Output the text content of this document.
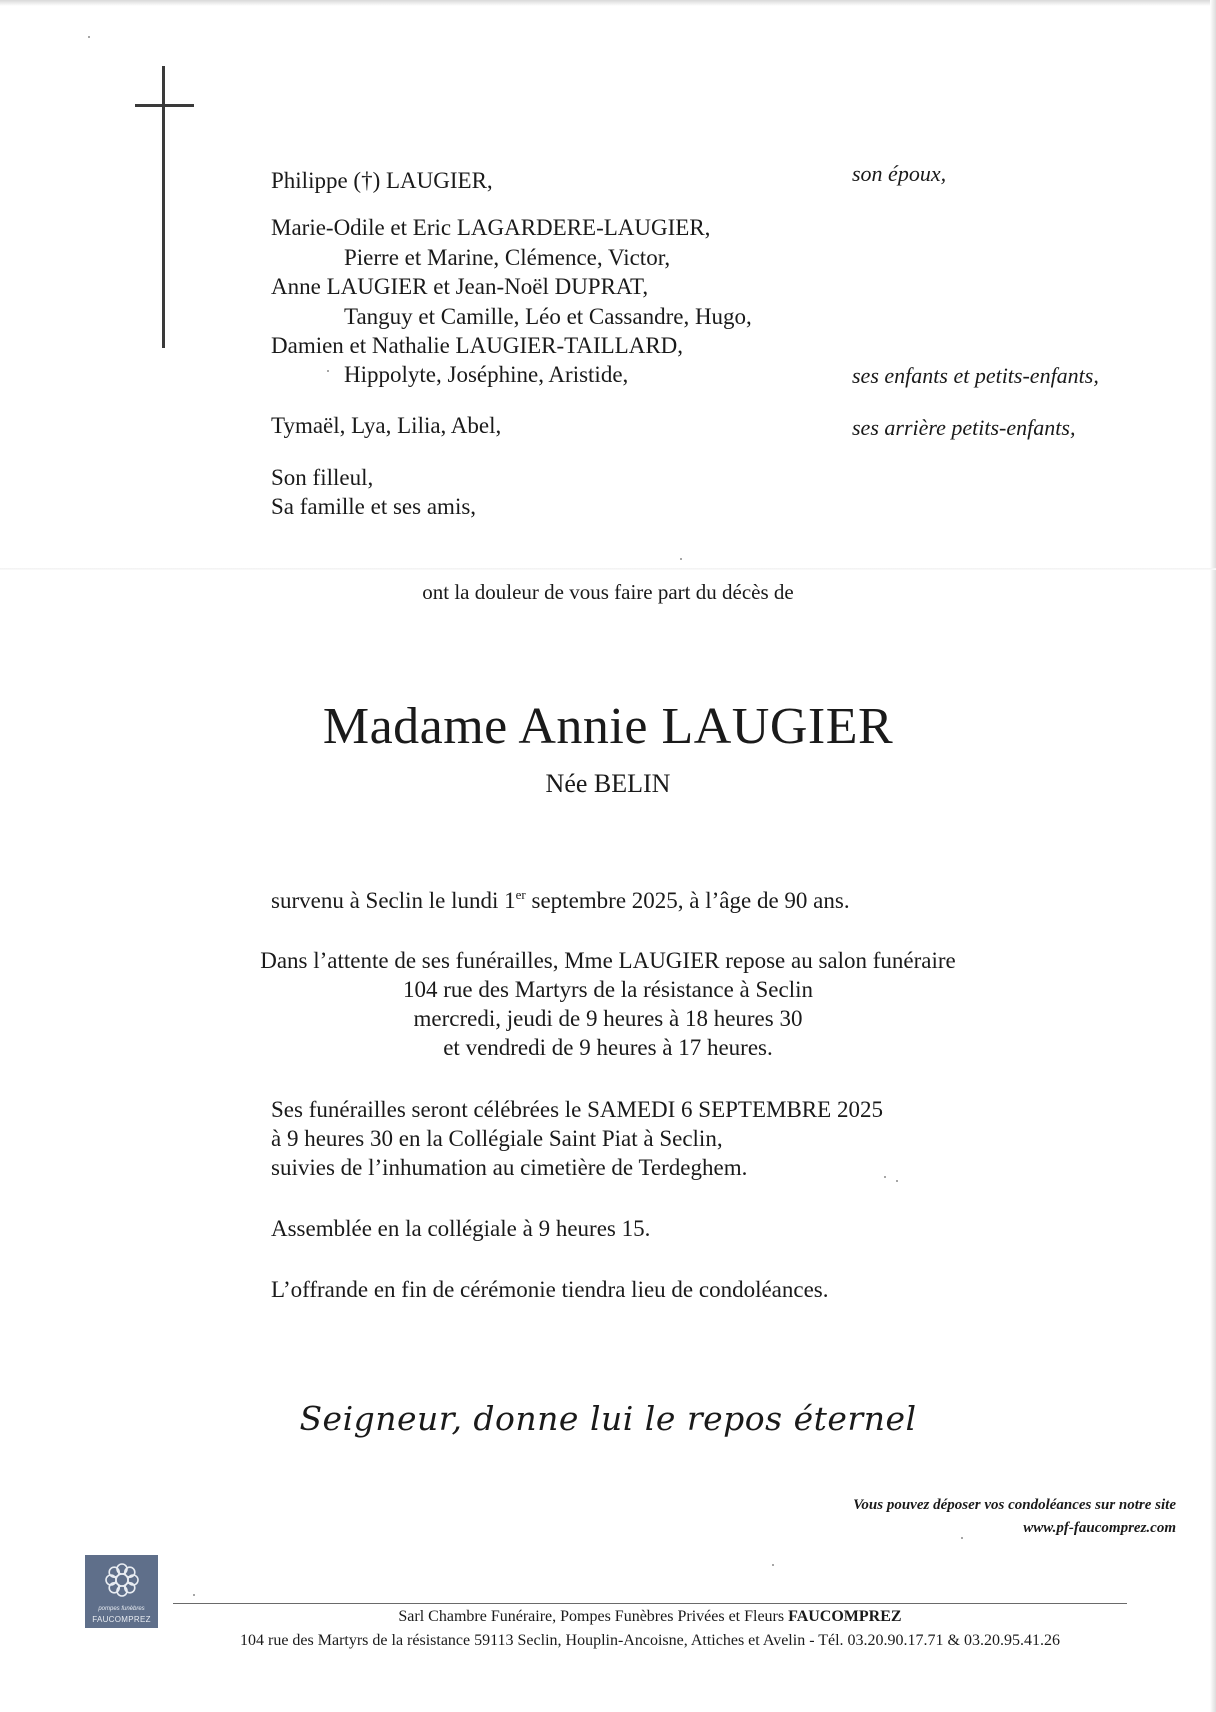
Philippe (†) LAUGIER,	son époux,

Marie-Odile et Eric LAGARDERE-LAUGIER,

Pierre et Marine, Clémence, Victor,

Anne LAUGIER et Jean-Noël DUPRAT,

Tanguy et Camille, Léo et Cassandre, Hugo,

Damien et Nathalie LAUGIER-TAILLARD,

Hippolyte, Joséphine, Aristide,	ses enfants et petits-enfants,

Tymaël, Lya, Lilia, Abel,	ses arrière petits-enfants,

Son filleul,

Sa famille et ses amis,

ont la douleur de vous faire part du décès de
Madame Annie LAUGIER
Née BELIN

survenu à Seclin le lundi 1er septembre 2025, à l’âge de 90 ans.

Dans l’attente de ses funérailles, Mme LAUGIER repose au salon funéraire
104 rue des Martyrs de la résistance à Seclin
mercredi, jeudi de 9 heures à 18 heures 30
et vendredi de 9 heures à 17 heures.

Ses funérailles seront célébrées le SAMEDI 6 SEPTEMBRE 2025

à 9 heures 30 en la Collégiale Saint Piat à Seclin,

suivies de l’inhumation au cimetière de Terdeghem.

Assemblée en la collégiale à 9 heures 15.

L’offrande en fin de cérémonie tiendra lieu de condoléances.

Seigneur, donne lui le repos éternel
Vous pouvez déposer vos condoléances sur notre site
www.pf-faucomprez.com
pompes funèbres
FAUCOMPREZ	Sarl Chambre Funéraire, Pompes Funèbres Privées et Fleurs FAUCOMPREZ
104 rue des Martyrs de la résistance 59113 Seclin, Houplin-Ancoisne, Attiches et Avelin - Tél. 03.20.90.17.71 & 03.20.95.41.26
